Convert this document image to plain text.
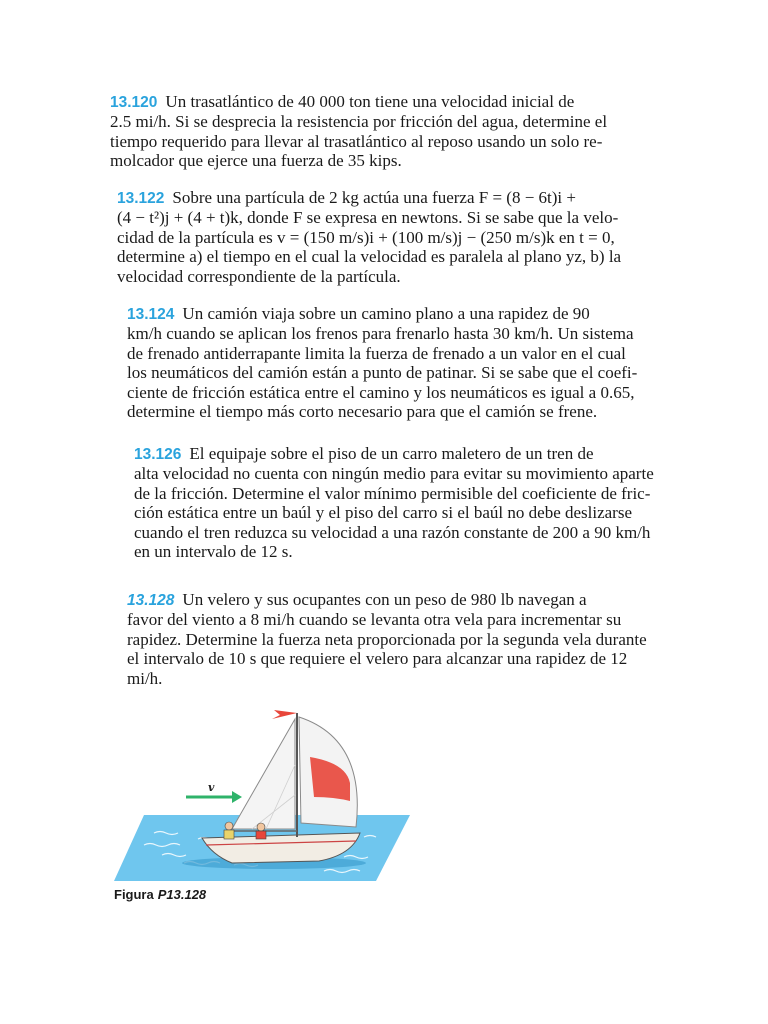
13.120 Un trasatlántico de 40 000 ton tiene una velocidad inicial de
2.5 mi/h. Si se desprecia la resistencia por fricción del agua, determine el
tiempo requerido para llevar al trasatlántico al reposo usando un solo re-
molcador que ejerce una fuerza de 35 kips.
13.122 Sobre una partícula de 2 kg actúa una fuerza F = (8 − 6t)i +
(4 − t²)j + (4 + t)k, donde F se expresa en newtons. Si se sabe que la velo-
cidad de la partícula es v = (150 m/s)i + (100 m/s)j − (250 m/s)k en t = 0,
determine a) el tiempo en el cual la velocidad es paralela al plano yz, b) la
velocidad correspondiente de la partícula.
13.124 Un camión viaja sobre un camino plano a una rapidez de 90
km/h cuando se aplican los frenos para frenarlo hasta 30 km/h. Un sistema
de frenado antiderrapante limita la fuerza de frenado a un valor en el cual
los neumáticos del camión están a punto de patinar. Si se sabe que el coefi-
ciente de fricción estática entre el camino y los neumáticos es igual a 0.65,
determine el tiempo más corto necesario para que el camión se frene.
13.126 El equipaje sobre el piso de un carro maletero de un tren de
alta velocidad no cuenta con ningún medio para evitar su movimiento aparte
de la fricción. Determine el valor mínimo permisible del coeficiente de fric-
ción estática entre un baúl y el piso del carro si el baúl no debe deslizarse
cuando el tren reduzca su velocidad a una razón constante de 200 a 90 km/h
en un intervalo de 12 s.
13.128 Un velero y sus ocupantes con un peso de 980 lb navegan a
favor del viento a 8 mi/h cuando se levanta otra vela para incrementar su
rapidez. Determine la fuerza neta proporcionada por la segunda vela durante
el intervalo de 10 s que requiere el velero para alcanzar una rapidez de 12
mi/h.
v
Figura P13.128
